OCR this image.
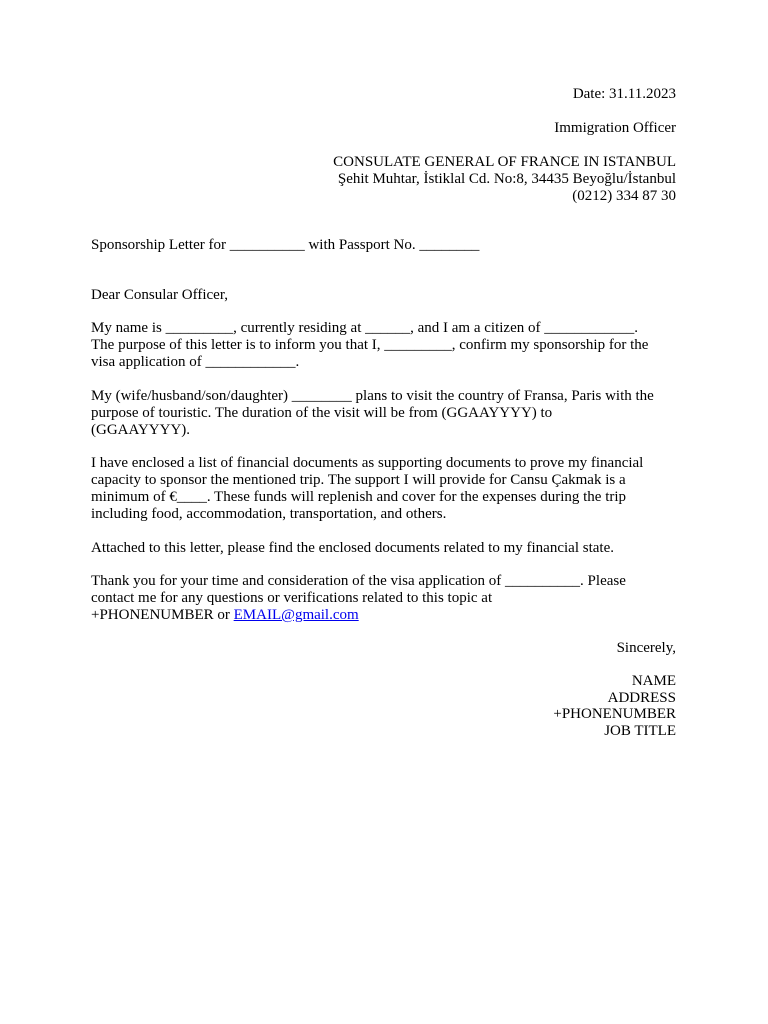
Date: 31.11.2023
Immigration Officer
CONSULATE GENERAL OF FRANCE IN ISTANBUL
Şehit Muhtar, İstiklal Cd. No:8, 34435 Beyoğlu/İstanbul
(0212) 334 87 30
Sponsorship Letter for __________ with Passport No. ________
Dear Consular Officer,
My name is _________, currently residing at ______, and I am a citizen of ____________.
The purpose of this letter is to inform you that I, _________, confirm my sponsorship for the
visa application of ____________.
My (wife/husband/son/daughter) ________ plans to visit the country of Fransa, Paris with the
purpose of touristic. The duration of the visit will be from (GGAAYYYY) to
(GGAAYYYY).
I have enclosed a list of financial documents as supporting documents to prove my financial
capacity to sponsor the mentioned trip. The support I will provide for Cansu Çakmak is a
minimum of €____. These funds will replenish and cover for the expenses during the trip
including food, accommodation, transportation, and others.
Attached to this letter, please find the enclosed documents related to my financial state.
Thank you for your time and consideration of the visa application of __________. Please
contact me for any questions or verifications related to this topic at
+PHONENUMBER or EMAIL@gmail.com
Sincerely,
NAME
ADDRESS
+PHONENUMBER
JOB TITLE
